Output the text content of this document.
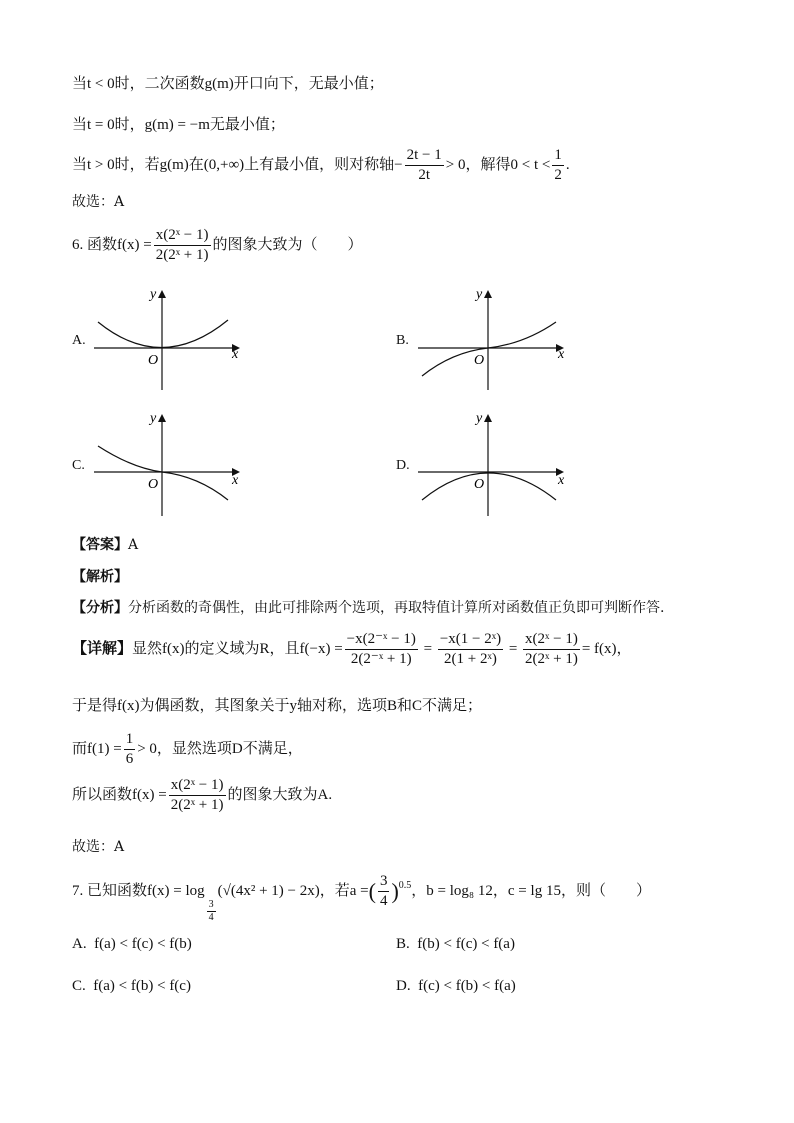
当t < 0时，二次函数g(m)开口向下，无最小值；
当t = 0时，g(m) = −m无最小值；
当t > 0时，若g(m)在(0,+∞)上有最小值，则对称轴− $\frac{2t - 1}{2t} > 0$，解得$0 < t < \frac{1}{2}$ .
故选：A
6. 函数$f(x) = \frac{\text{x(2ˣ − 1)}}{\text{2(2ˣ + 1)}}$ 的图象大致为（　　）
A.	B.
C.	D.
x
y
O	x
y
O
x
y
O	x
y
O
【答案】A
【解析】
【分析】分析函数的奇偶性，由此可排除两个选项，再取特值计算所对函数值正负即可判断作答.
【详解】显然f(x)的定义域为R，且$f(-x) = \frac{\text{−x(2⁻ˣ − 1)}}{\text{2(2⁻ˣ + 1)}} = \frac{\text{−x(1 − 2ˣ)}}{\text{2(1 + 2ˣ)}} = \frac{\text{x(2ˣ − 1)}}{\text{2(2ˣ + 1)}} = f(x)$，
于是得f(x)为偶函数，其图象关于y轴对称，选项B和C不满足；
而$f(1) = \frac{1}{6} > 0$，显然选项D不满足，
所以函数$f(x) = \frac{\text{x(2ˣ − 1)}}{\text{2(2ˣ + 1)}}$ 的图象大致为A.
故选：A
7. 已知函数f(x) = log
$\frac{3}{4}$
(√(4x² + 1) − 2x)，若a =( $\frac{3}{4} )^{0.5}$，b = log₈ 12，c = lg 15，则（　　）
A. f(a) < f(c) < f(b)	B. f(b) < f(c) < f(a)
C. f(a) < f(b) < f(c)	D. f(c) < f(b) < f(a)
